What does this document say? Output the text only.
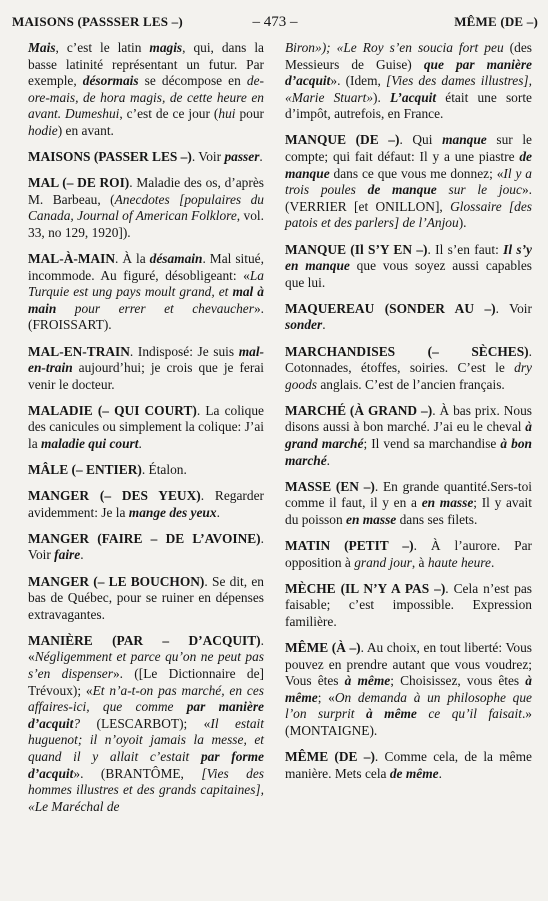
MAISONS (PASSSER LES –)	– 473 –	MÊME (DE –)
Mais, c’est le latin magis, qui, dans la basse latinité représentant un futur. Par exemple, désormais se décompose en de-ore-mais, de hora magis, de cette heure en avant. Dumeshui, c’est de ce jour (hui pour hodie) en avant.
MAISONS (PASSER LES –). Voir passer.
MAL (– DE ROI). Maladie des os, d’après M. Barbeau, (Anecdotes [populaires du Canada, Journal of American Folklore, vol. 33, no 129, 1920]).
MAL-À-MAIN. À la désamain. Mal situé, incommode. Au figuré, désobligeant: «La Turquie est ung pays moult grand, et mal à main pour errer et chevaucher». (FROISSART).
MAL-EN-TRAIN. Indisposé: Je suis mal-en-train aujourd’hui; je crois que je ferai venir le docteur.
MALADIE (– QUI COURT). La colique des canicules ou simplement la colique: J’ai la maladie qui court.
MÂLE (– ENTIER). Étalon.
MANGER (– DES YEUX). Regarder avidemment: Je la mange des yeux.
MANGER (FAIRE – DE L’AVOINE). Voir faire.
MANGER (– LE BOUCHON). Se dit, en bas de Québec, pour se ruiner en dépenses extravagantes.
MANIÈRE (PAR – D’ACQUIT). «Négligemment et parce qu’on ne peut pas s’en dispenser». ([Le Dictionnaire de] Trévoux); «Et n’a-t-on pas marché, en ces affaires-ici, que comme par manière d’acquit? (LESCARBOT); «Il estait huguenot; il n’oyoit jamais la messe, et quand il y allait c’estait par forme d’acquit». (BRANTÔME, [Vies des hommes illustres et des grands capitaines], «Le Maréchal de
Biron»); «Le Roy s’en soucia fort peu (des Messieurs de Guise) que par manière d’acquit». (Idem, [Vies des dames illustres], «Marie Stuart»). L’acquit était une sorte d’impôt, autrefois, en France.
MANQUE (DE –). Qui manque sur le compte; qui fait défaut: Il y a une piastre de manque dans ce que vous me donnez; «Il y a trois poules de manque sur le jouc». (VERRIER [et ONILLON], Glossaire [des patois et des parlers] de l’Anjou).
MANQUE (Il S’Y EN –). Il s’en faut: Il s’y en manque que vous soyez aussi capables que lui.
MAQUEREAU (SONDER AU –). Voir sonder.
MARCHANDISES (– SÈCHES). Cotonnades, étoffes, soiries. C’est le dry goods anglais. C’est de l’ancien français.
MARCHÉ (À GRAND –). À bas prix. Nous disons aussi à bon marché. J’ai eu le cheval à grand marché; Il vend sa marchandise à bon marché.
MASSE (EN –). En grande quantité.Sers-toi comme il faut, il y en a en masse; Il y avait du poisson en masse dans ses filets.
MATIN (PETIT –). À l’aurore. Par opposition à grand jour, à haute heure.
MÈCHE (IL N’Y A PAS –). Cela n’est pas faisable; c’est impossible. Expression familière.
MÊME (À –). Au choix, en tout liberté: Vous pouvez en prendre autant que vous voudrez; Vous êtes à même; Choisissez, vous êtes à même; «On demanda à un philosophe que l’on surprit à même ce qu’il faisait.» (MONTAIGNE).
MÊME (DE –). Comme cela, de la même manière. Mets cela de même.
